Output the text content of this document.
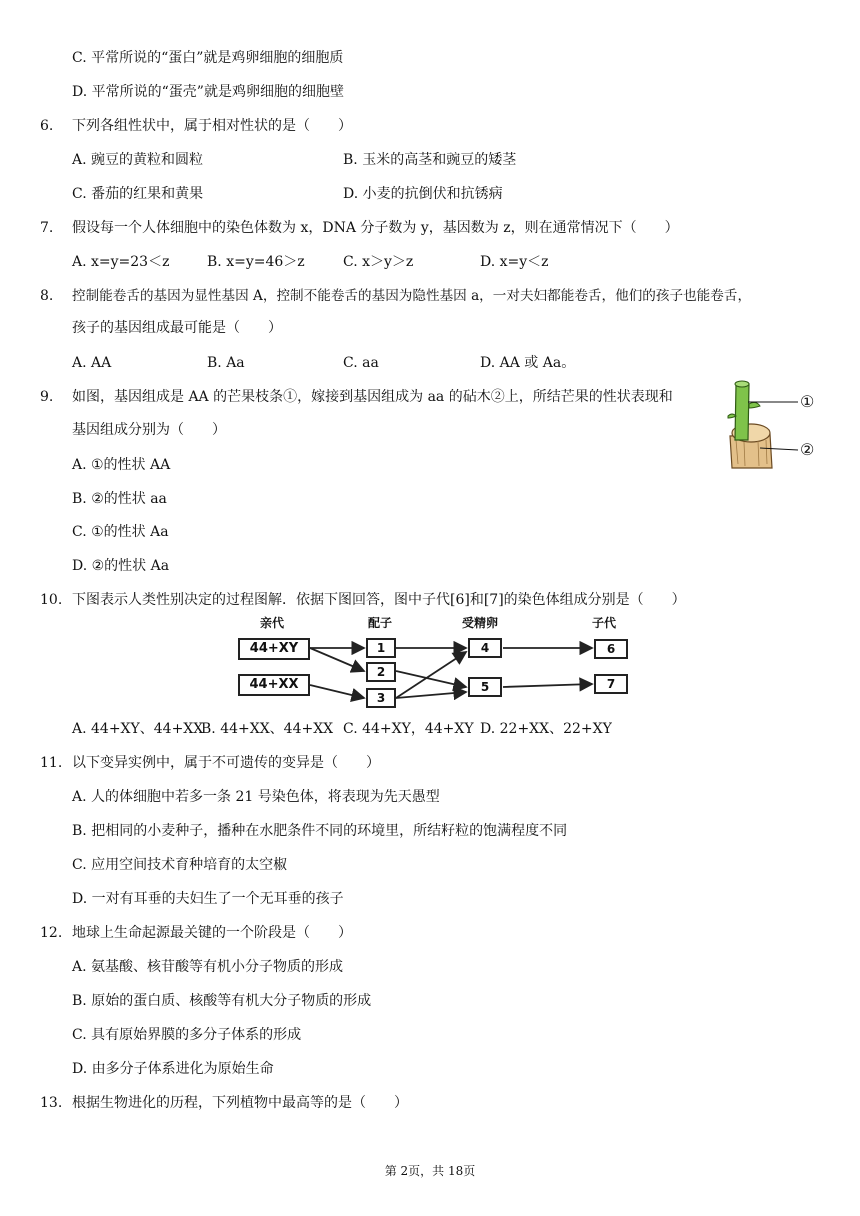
C. 平常所说的“蛋白”就是鸡卵细胞的细胞质
D. 平常所说的“蛋壳”就是鸡卵细胞的细胞壁
6. 下列各组性状中，属于相对性状的是（　　）
A. 豌豆的黄粒和圆粒	B. 玉米的高茎和豌豆的矮茎
C. 番茄的红果和黄果	D. 小麦的抗倒伏和抗锈病
7. 假设每一个人体细胞中的染色体数为 x，DNA 分子数为 y，基因数为 z，则在通常情况下（　　）
A. x=y=23＜z	B. x=y=46＞z	C. x＞y＞z	D. x=y＜z
8. 控制能卷舌的基因为显性基因 A，控制不能卷舌的基因为隐性基因 a，一对夫妇都能卷舌，他们的孩子也能卷舌，
孩子的基因组成最可能是（　　）
A. AA	B. Aa	C. aa	D. AA 或 Aa。
9. 如图，基因组成是 AA 的芒果枝条①，嫁接到基因组成为 aa 的砧木②上，所结芒果的性状表现和
基因组成分别为（　　）
A. ①的性状 AA
B. ②的性状 aa
C. ①的性状 Aa
D. ②的性状 Aa
①
②
10. 下图表示人类性别决定的过程图解．依据下图回答，图中子代[6]和[7]的染色体组成分别是（　　）
亲代	配子	受精卵	子代
44+XY
44+XX
1
2
3
4
5
6
7
A. 44+XY、44+XX
B. 44+XX、44+XX C. 44+XY，44+XY D. 22+XX、22+XY
11. 以下变异实例中，属于不可遗传的变异是（　　）
A. 人的体细胞中若多一条 21 号染色体，将表现为先天愚型
B. 把相同的小麦种子，播种在水肥条件不同的环境里，所结籽粒的饱满程度不同
C. 应用空间技术育种培育的太空椒
D. 一对有耳垂的夫妇生了一个无耳垂的孩子
12. 地球上生命起源最关键的一个阶段是（　　）
A. 氨基酸、核苷酸等有机小分子物质的形成
B. 原始的蛋白质、核酸等有机大分子物质的形成
C. 具有原始界膜的多分子体系的形成
D. 由多分子体系进化为原始生命
13. 根据生物进化的历程，下列植物中最高等的是（　　）
第 2页，共 18页
